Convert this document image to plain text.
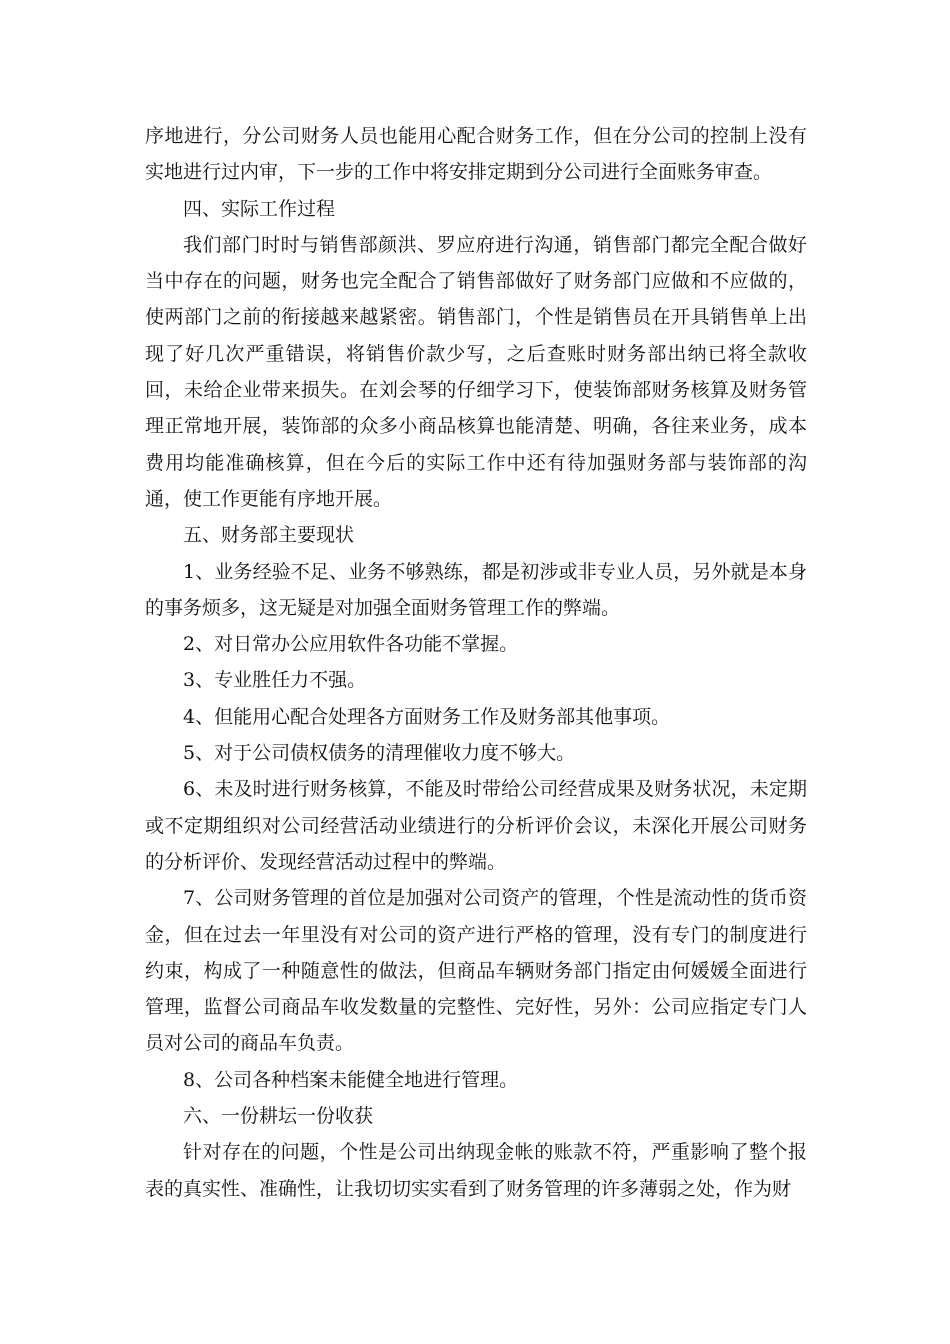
序地进行，分公司财务人员也能用心配合财务工作，但在分公司的控制上没有实地进行过内审，下一步的工作中将安排定期到分公司进行全面账务审查。

四、实际工作过程

我们部门时时与销售部颜洪、罗应府进行沟通，销售部门都完全配合做好当中存在的问题，财务也完全配合了销售部做好了财务部门应做和不应做的，使两部门之前的衔接越来越紧密。销售部门，个性是销售员在开具销售单上出现了好几次严重错误，将销售价款少写，之后查账时财务部出纳已将全款收回，未给企业带来损失。在刘会琴的仔细学习下，使装饰部财务核算及财务管理正常地开展，装饰部的众多小商品核算也能清楚、明确，各往来业务，成本费用均能准确核算，但在今后的实际工作中还有待加强财务部与装饰部的沟通，使工作更能有序地开展。

五、财务部主要现状

1、业务经验不足、业务不够熟练，都是初涉或非专业人员，另外就是本身的事务烦多，这无疑是对加强全面财务管理工作的弊端。

2、对日常办公应用软件各功能不掌握。

3、专业胜任力不强。

4、但能用心配合处理各方面财务工作及财务部其他事项。

5、对于公司债权债务的清理催收力度不够大。

6、未及时进行财务核算，不能及时带给公司经营成果及财务状况，未定期或不定期组织对公司经营活动业绩进行的分析评价会议，未深化开展公司财务的分析评价、发现经营活动过程中的弊端。

7、公司财务管理的首位是加强对公司资产的管理，个性是流动性的货币资金，但在过去一年里没有对公司的资产进行严格的管理，没有专门的制度进行约束，构成了一种随意性的做法，但商品车辆财务部门指定由何媛媛全面进行管理，监督公司商品车收发数量的完整性、完好性，另外：公司应指定专门人员对公司的商品车负责。

8、公司各种档案未能健全地进行管理。

六、一份耕坛一份收获

针对存在的问题，个性是公司出纳现金帐的账款不符，严重影响了整个报表的真实性、准确性，让我切切实实看到了财务管理的许多薄弱之处，作为财
